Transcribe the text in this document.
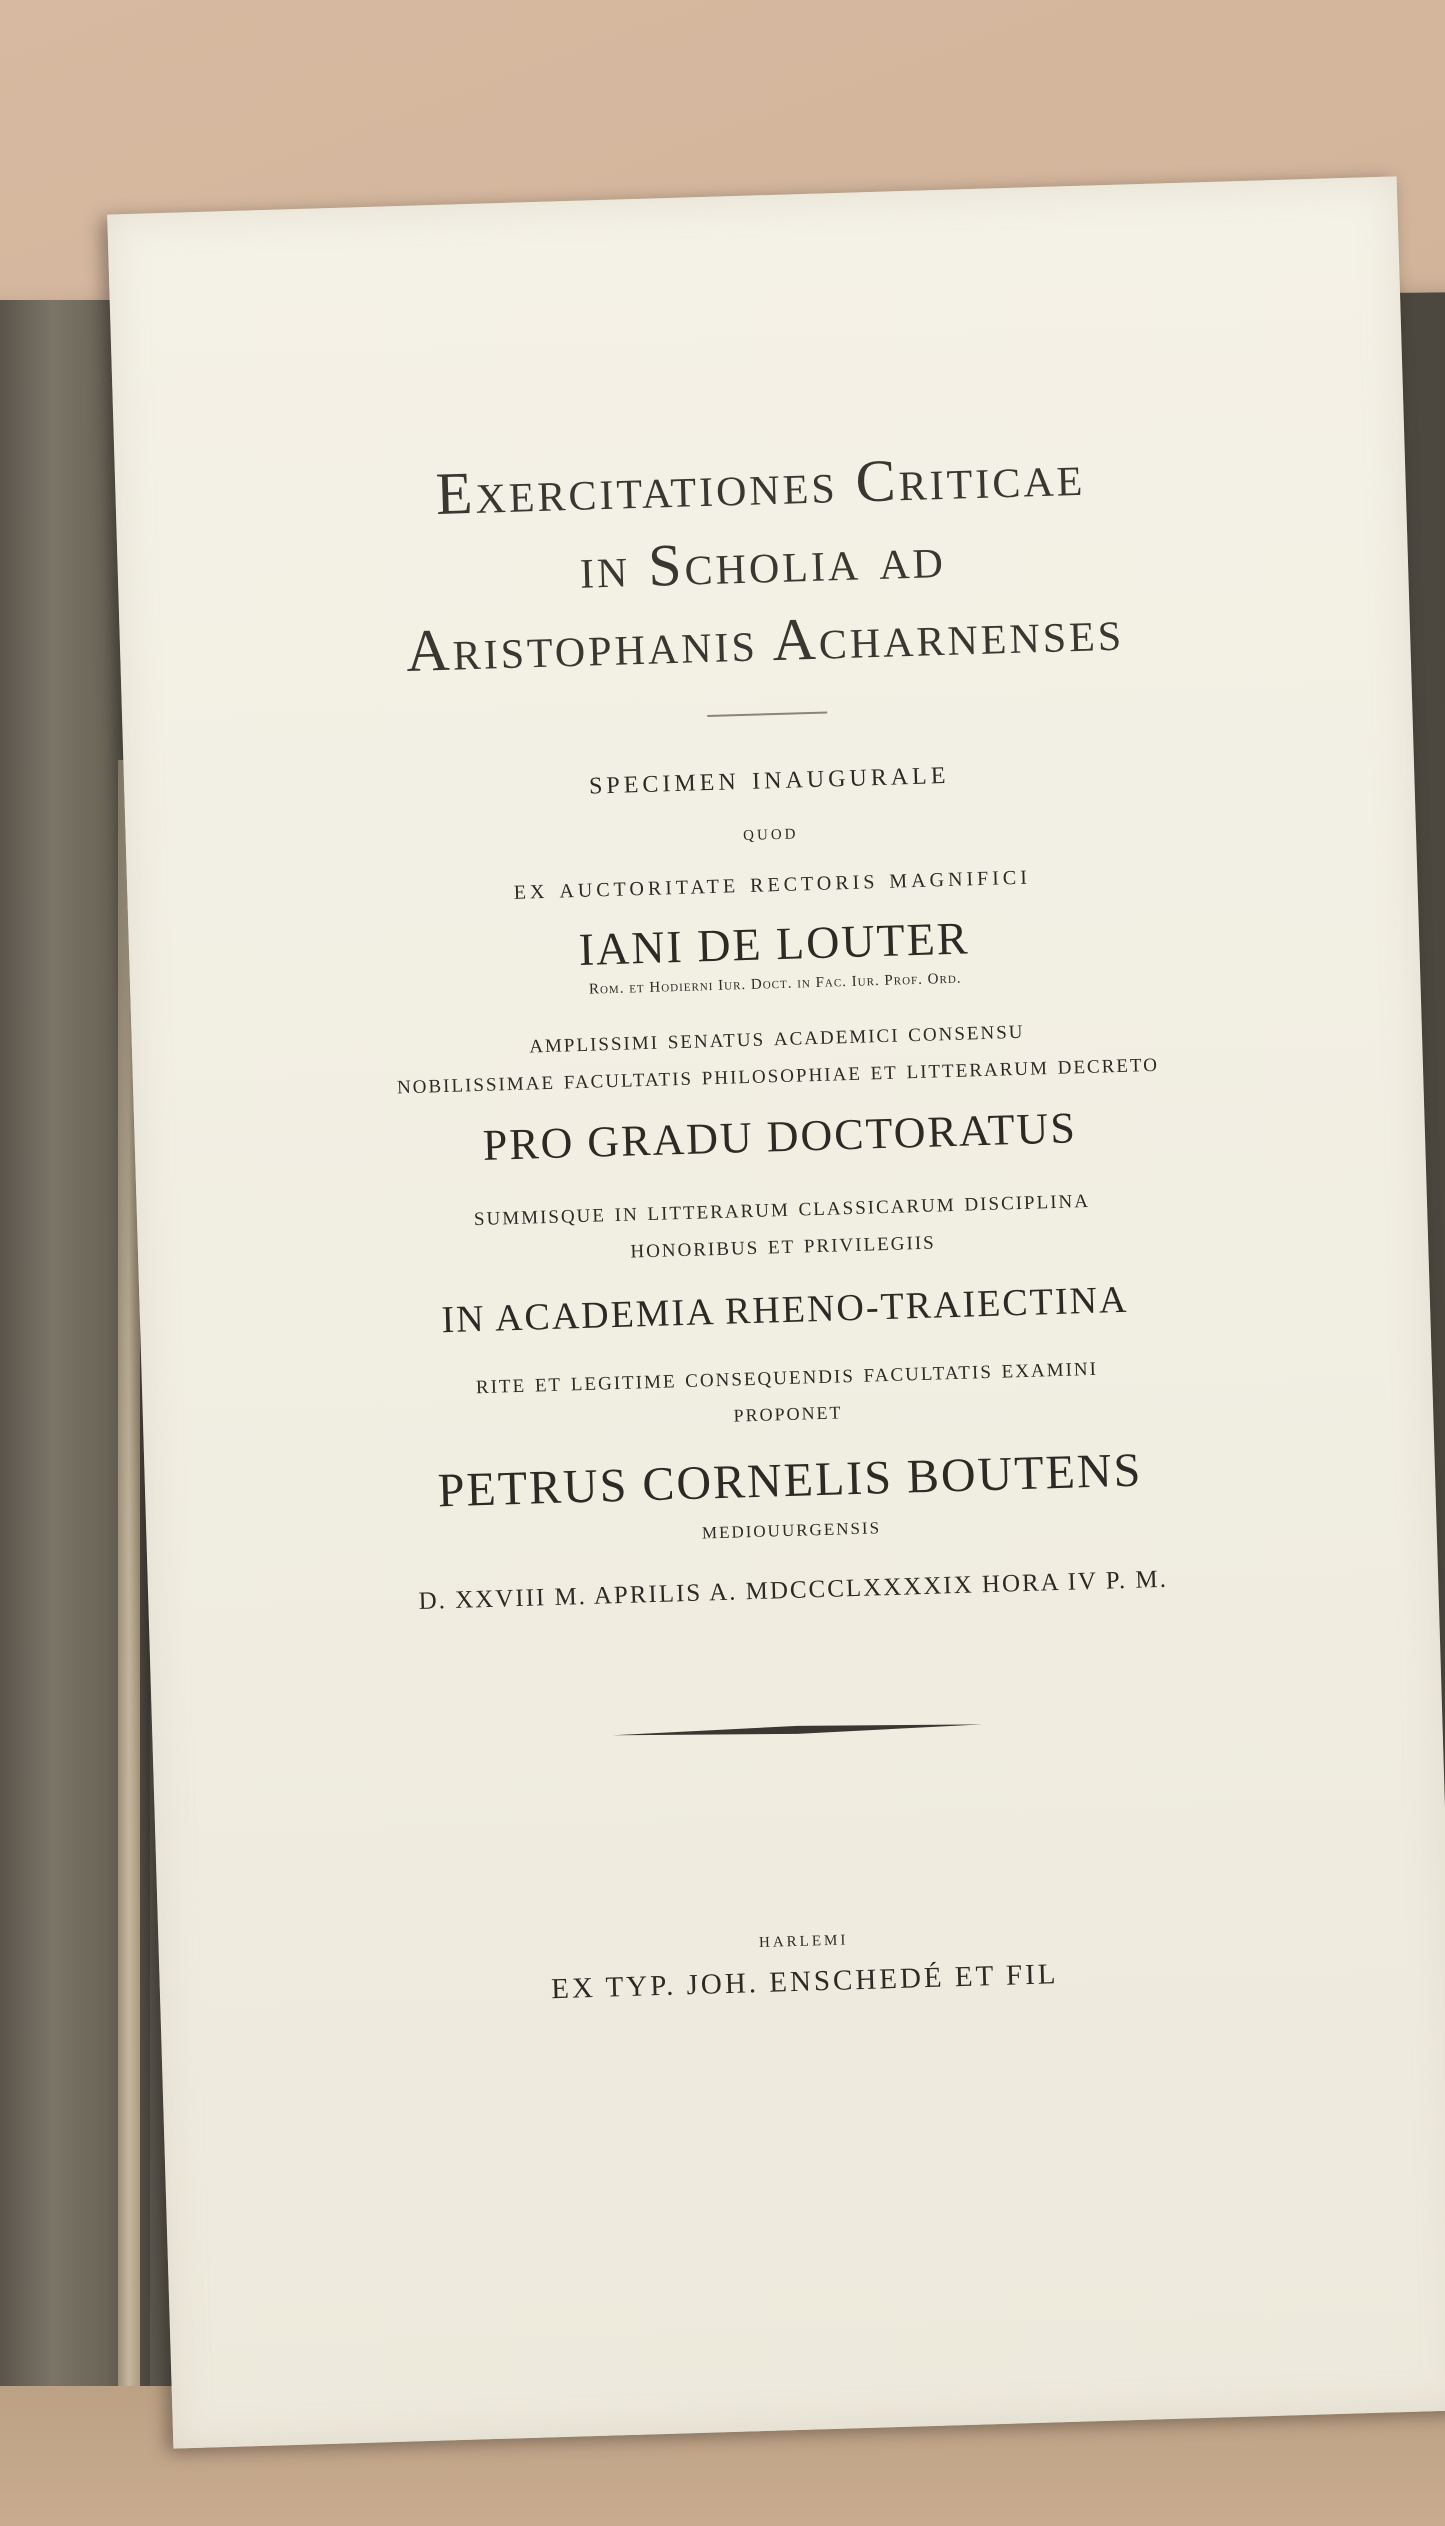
Exercitationes Criticae
in Scholia ad
Aristophanis Acharnenses
specimen inaugurale
quod
ex auctoritate rectoris magnifici
IANI DE LOUTER
Rom. et Hodierni Iur. Doct. in Fac. Iur. Prof. Ord.
amplissimi senatus academici consensu
nobilissimae facultatis philosophiae et litterarum decreto
PRO GRADU DOCTORATUS
summisque in litterarum classicarum disciplina
honoribus et privilegiis
IN ACADEMIA RHENO-TRAIECTINA
rite et legitime consequendis facultatis examini
proponet
PETRUS CORNELIS BOUTENS
mediouurgensis
D. XXVIII M. APRILIS A. MDCCCLXXXXIX HORA IV P. M.
harlemi
EX TYP. JOH. ENSCHEDÉ ET FIL
